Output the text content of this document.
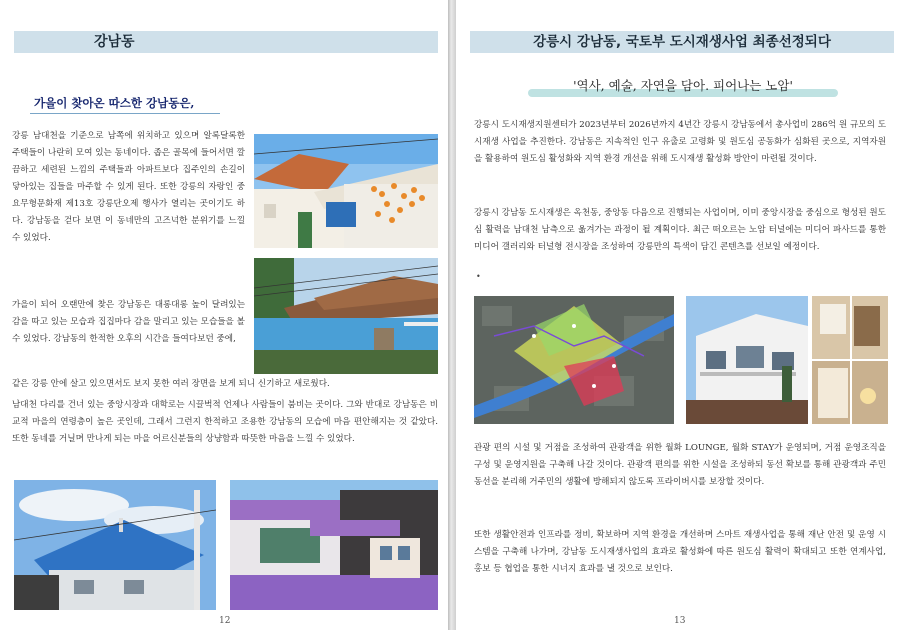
강남동
가을이 찾아온 따스한 강남동은,

강릉 남대천을 기준으로 남쪽에 위치하고 있으며 알록달록한 주택들이 나란히 모여 있는 동네이다. 좁은 골목에 들어서면 깔끔하고 세련된 느낌의 주택들과 아파트보다 집주인의 손길이 닿아있는 집들을 마주할 수 있게 된다. 또한 강릉의 자랑인 중요무형문화재 제13호 강릉단오제 행사가 열리는 곳이기도 하다. 강남동을 걷다 보면 이 동네만의 고즈넉한 분위기를 느낄 수 있었다.

가을이 되어 오랜만에 찾은 강남동은 대롱대롱 높이 달려있는 감을 따고 있는 모습과 집집마다 감을 말리고 있는 모습들을 볼 수 있었다. 강남동의 한적한 오후의 시간을 들여다보던 중에,

같은 강릉 안에 살고 있으면서도 보지 못한 여러 장면을 보게 되니 신기하고 새로웠다.

남대천 다리를 건너 있는 중앙시장과 대학로는 시끌벅적 언제나 사람들이 붐비는 곳이다. 그와 반대로 강남동은 비교적 마을의 연령층이 높은 곳인데, 그래서 그런지 한적하고 조용한 강남동의 모습에 마음 편안해지는 것 같았다. 또한 동네를 거닐며 만나게 되는 마을 어르신분들의 상냥함과 따뜻한 마음을 느낄 수 있었다.

12
강릉시 강남동, 국토부 도시재생사업 최종선정되다
'역사, 예술, 자연을 담아. 피어나는 노암'

강릉시 도시재생지원센터가 2023년부터 2026년까지 4년간 강릉시 강남동에서 총사업비 286억 원 규모의 도시재생 사업을 추진한다. 강남동은 지속적인 인구 유출로 고령화 및 원도심 공동화가 심화된 곳으로, 지역자원을 활용하여 원도심 활성화와 지역 환경 개선을 위해 도시재생 활성화 방안이 마련될 것이다.

강릉시 강남동 도시재생은 옥천동, 중앙동 다음으로 진행되는 사업이며, 이미 중앙시장을 중심으로 형성된 원도심 활력을 남대천 남측으로 옮겨가는 과정이 될 계획이다. 최근 떠오르는 노암 터널에는 미디어 파사드를 통한 미디어 갤러리와 터널형 전시장을 조성하여 강릉만의 특색이 담긴 콘텐츠를 선보일 예정이다.

•

관광 편의 시설 및 거점을 조성하여 관광객을 위한 월화 LOUNGE, 월화 STAY가 운영되며, 거점 운영조직을 구성 및 운영지원을 구축해 나갈 것이다. 관광객 편의를 위한 시설을 조성하되 동선 확보를 통해 관광객과 주민 동선을 분리해 거주민의 생활에 방해되지 않도록 프라이버시를 보장할 것이다.

또한 생활안전과 인프라를 정비, 확보하며 지역 환경을 개선하며 스마트 재생사업을 통해 재난 안전 및 운영 시스템을 구축해 나가며, 강남동 도시재생사업의 효과로 활성화에 따른 원도심 활력이 확대되고 또한 연계사업, 홍보 등 협업을 통한 시너지 효과를 낼 것으로 보인다.

13
